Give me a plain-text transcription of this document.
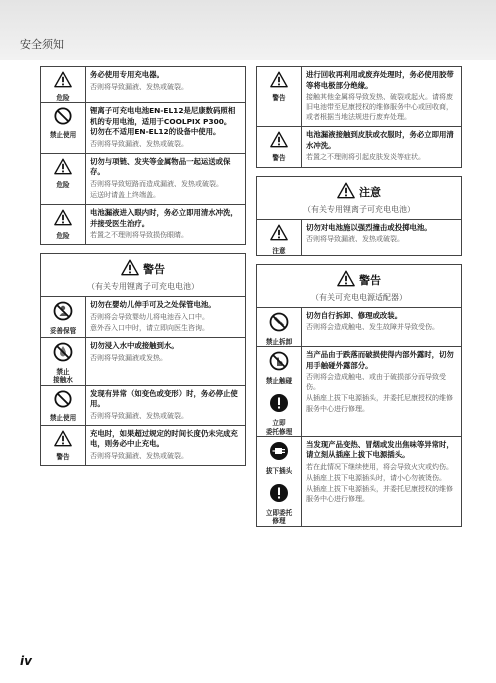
安全须知
危险
务必使用专用充电器。
否则将导致漏液、发热或破裂。
禁止使用
锂离子可充电电池EN-EL12是尼康数码照相机的专用电池，适用于COOLPIX P300。
切勿在不适用EN-EL12的设备中使用。
否则将导致漏液、发热或破裂。
危险
切勿与项链、发夹等金属物品一起运送或保存。
否则将导致短路而造成漏液、发热或破裂。
运送时请盖上终端盖。
危险
电池漏液进入眼内时，务必立即用清水冲洗，并接受医生治疗。
若置之不理则将导致损伤眼睛。
警告
（有关专用锂离子可充电电池）
妥善保管
切勿在婴幼儿伸手可及之处保管电池。
否则将会导致婴幼儿将电池吞入口中。
意外吞入口中时，请立即向医生咨询。
禁止
接触水
切勿浸入水中或接触到水。
否则将导致漏液或发热。
禁止使用
发现有异常（如变色或变形）时，务必停止使用。
否则将导致漏液、发热或破裂。
警告
充电时，如果超过规定的时间长度仍未完成充电，则务必中止充电。
否则将导致漏液、发热或破裂。
警告
进行回收再利用或废弃处理时，务必使用胶带等将电极部分绝缘。
接触其他金属将导致发热、破裂或起火。请将废旧电池带至尼康授权的维修服务中心或回收商，或者根据当地法规进行废弃处理。
警告
电池漏液接触到皮肤或衣服时，务必立即用清水冲洗。
若置之不理则将引起皮肤发炎等症状。
注意
（有关专用锂离子可充电电池）
注意
切勿对电池施以强烈撞击或投掷电池。
否则将导致漏液、发热或破裂。
警告
（有关可充电电源适配器）
禁止拆卸
切勿自行拆卸、修理或改装。
否则将会造成触电、发生故障并导致受伤。
禁止触碰
立即
委托修理
当产品由于跌落而破损使得内部外露时，切勿用手触碰外露部分。
否则将会造成触电、或由于破损部分而导致受伤。
从插座上拔下电源插头，并委托尼康授权的维修服务中心进行修理。
拔下插头
立即委托
修理
当发现产品变热、冒烟或发出焦味等异常时，请立刻从插座上拔下电源插头。
若在此情况下继续使用，将会导致火灾或灼伤。
从插座上拔下电源插头时，请小心勿被烫伤。
从插座上拔下电源插头，并委托尼康授权的维修服务中心进行修理。
iv
